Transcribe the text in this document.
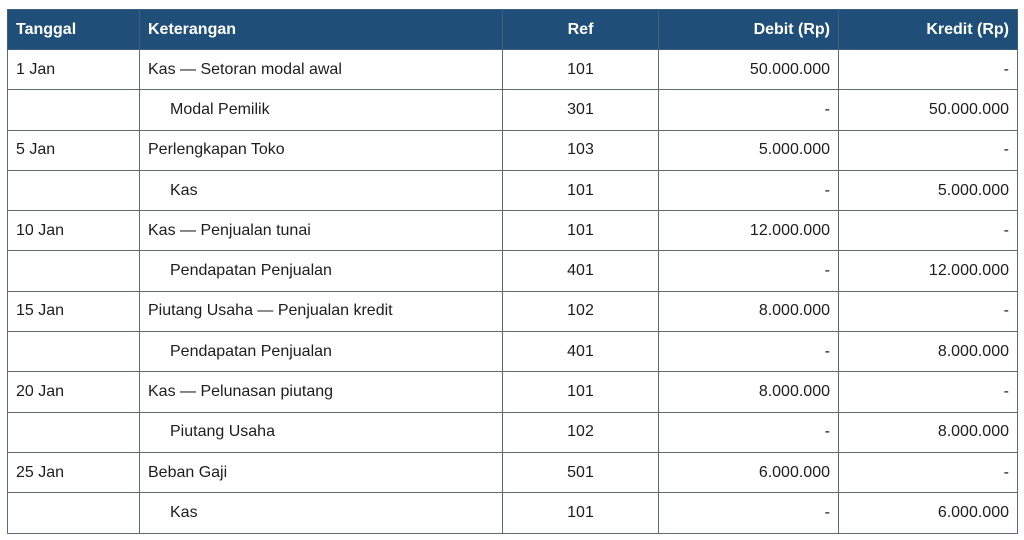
Tanggal	Keterangan	Ref	Debit (Rp)	Kredit (Rp)
1 Jan	Kas — Setoran modal awal	101	50.000.000	-
	Modal Pemilik	301	-	50.000.000
5 Jan	Perlengkapan Toko	103	5.000.000	-
	Kas	101	-	5.000.000
10 Jan	Kas — Penjualan tunai	101	12.000.000	-
	Pendapatan Penjualan	401	-	12.000.000
15 Jan	Piutang Usaha — Penjualan kredit	102	8.000.000	-
	Pendapatan Penjualan	401	-	8.000.000
20 Jan	Kas — Pelunasan piutang	101	8.000.000	-
	Piutang Usaha	102	-	8.000.000
25 Jan	Beban Gaji	501	6.000.000	-
	Kas	101	-	6.000.000
